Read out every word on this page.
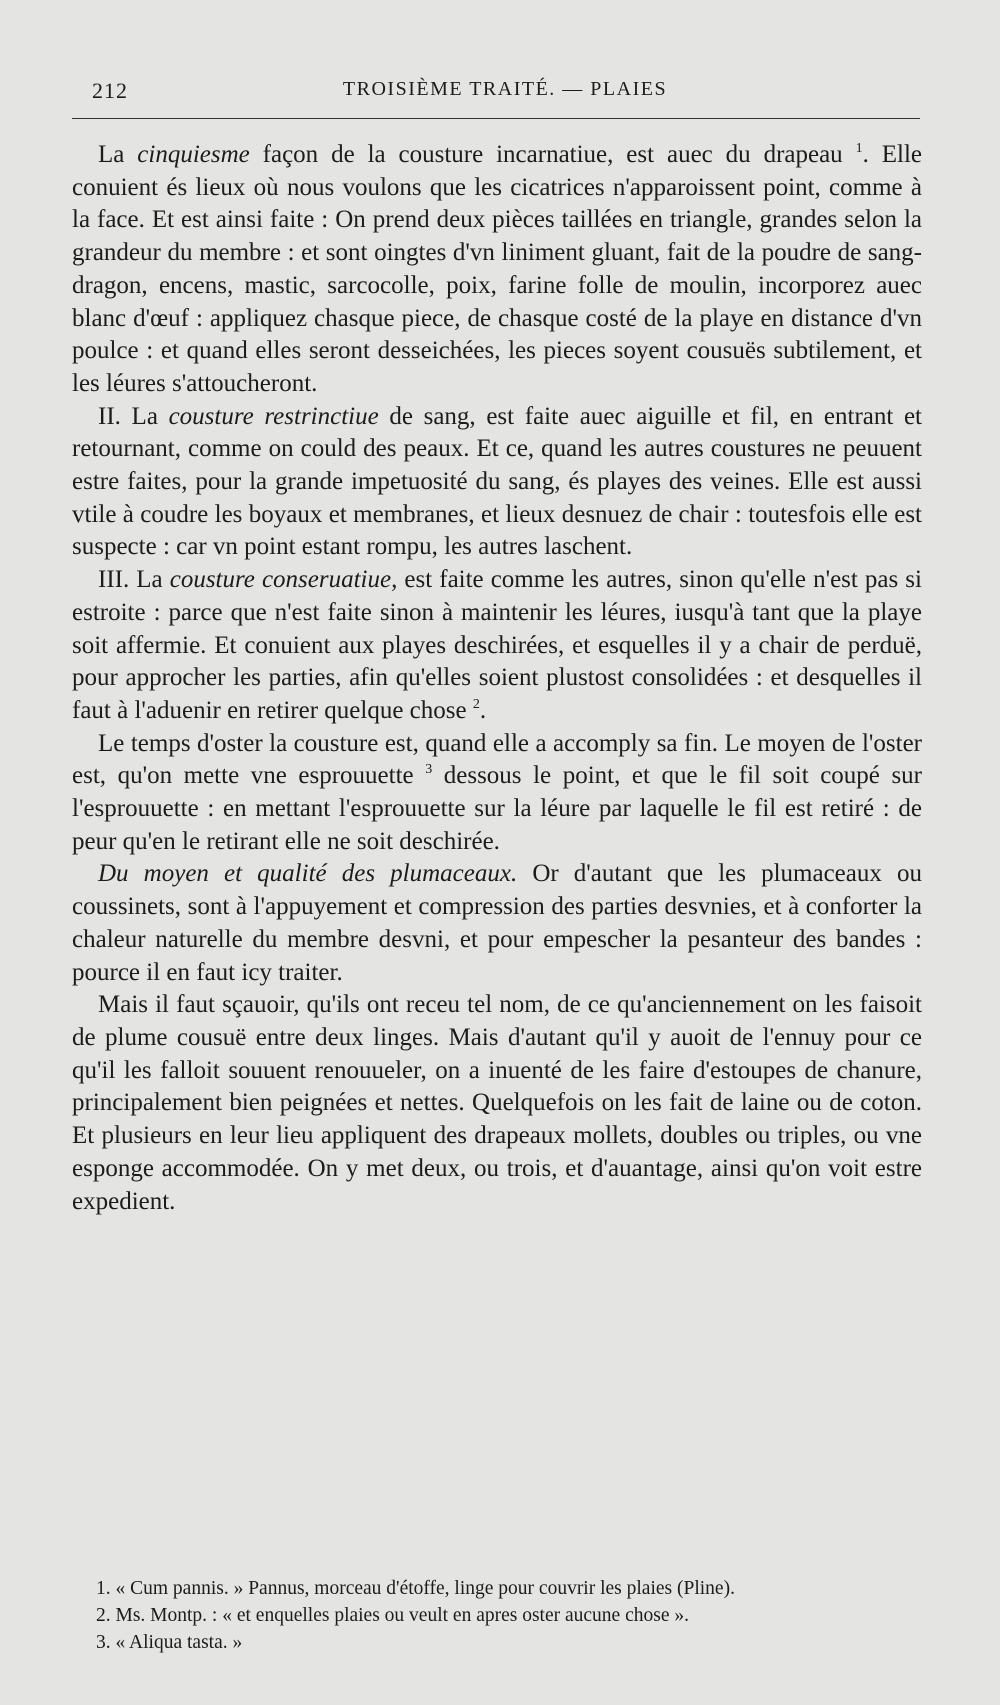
212	TROISIÈME TRAITÉ. — PLAIES

La cinquiesme façon de la cousture incarnatiue, est auec du drapeau $^1$. Elle conuient és lieux où nous voulons que les cicatrices n'apparoissent point, comme à la face. Et est ainsi faite : On prend deux pièces taillées en triangle, grandes selon la grandeur du membre : et sont oingtes d'vn liniment gluant, fait de la poudre de sang-dragon, encens, mastic, sarcocolle, poix, farine folle de moulin, incorporez auec blanc d'œuf : appliquez chasque piece, de chasque costé de la playe en distance d'vn poulce : et quand elles seront desseichées, les pieces soyent cousuës subtilement, et les léures s'attoucheront.

II. La cousture restrinctiue de sang, est faite auec aiguille et fil, en entrant et retournant, comme on could des peaux. Et ce, quand les autres coustures ne peuuent estre faites, pour la grande impetuosité du sang, és playes des veines. Elle est aussi vtile à coudre les boyaux et membranes, et lieux desnuez de chair : toutesfois elle est suspecte : car vn point estant rompu, les autres laschent.

III. La cousture conseruatiue, est faite comme les autres, sinon qu'elle n'est pas si estroite : parce que n'est faite sinon à maintenir les léures, iusqu'à tant que la playe soit affermie. Et conuient aux playes deschirées, et esquelles il y a chair de perduë, pour approcher les parties, afin qu'elles soient plustost consolidées : et desquelles il faut à l'aduenir en retirer quelque chose $^2$.

Le temps d'oster la cousture est, quand elle a accomply sa fin. Le moyen de l'oster est, qu'on mette vne esprouuette $^3$ dessous le point, et que le fil soit coupé sur l'esprouuette : en mettant l'esprouuette sur la léure par laquelle le fil est retiré : de peur qu'en le retirant elle ne soit deschirée.

Du moyen et qualité des plumaceaux. Or d'autant que les plumaceaux ou coussinets, sont à l'appuyement et compression des parties desvnies, et à conforter la chaleur naturelle du membre desvni, et pour empescher la pesanteur des bandes : pource il en faut icy traiter.

Mais il faut sçauoir, qu'ils ont receu tel nom, de ce qu'anciennement on les faisoit de plume cousuë entre deux linges. Mais d'autant qu'il y auoit de l'ennuy pour ce qu'il les falloit souuent renouueler, on a inuenté de les faire d'estoupes de chanure, principalement bien peignées et nettes. Quelquefois on les fait de laine ou de coton. Et plusieurs en leur lieu appliquent des drapeaux mollets, doubles ou triples, ou vne esponge accommodée. On y met deux, ou trois, et d'auantage, ainsi qu'on voit estre expedient.

1. « Cum pannis. » Pannus, morceau d'étoffe, linge pour couvrir les plaies (Pline).
2. Ms. Montp. : « et enquelles plaies ou veult en apres oster aucune chose ».
3. « Aliqua tasta. »
